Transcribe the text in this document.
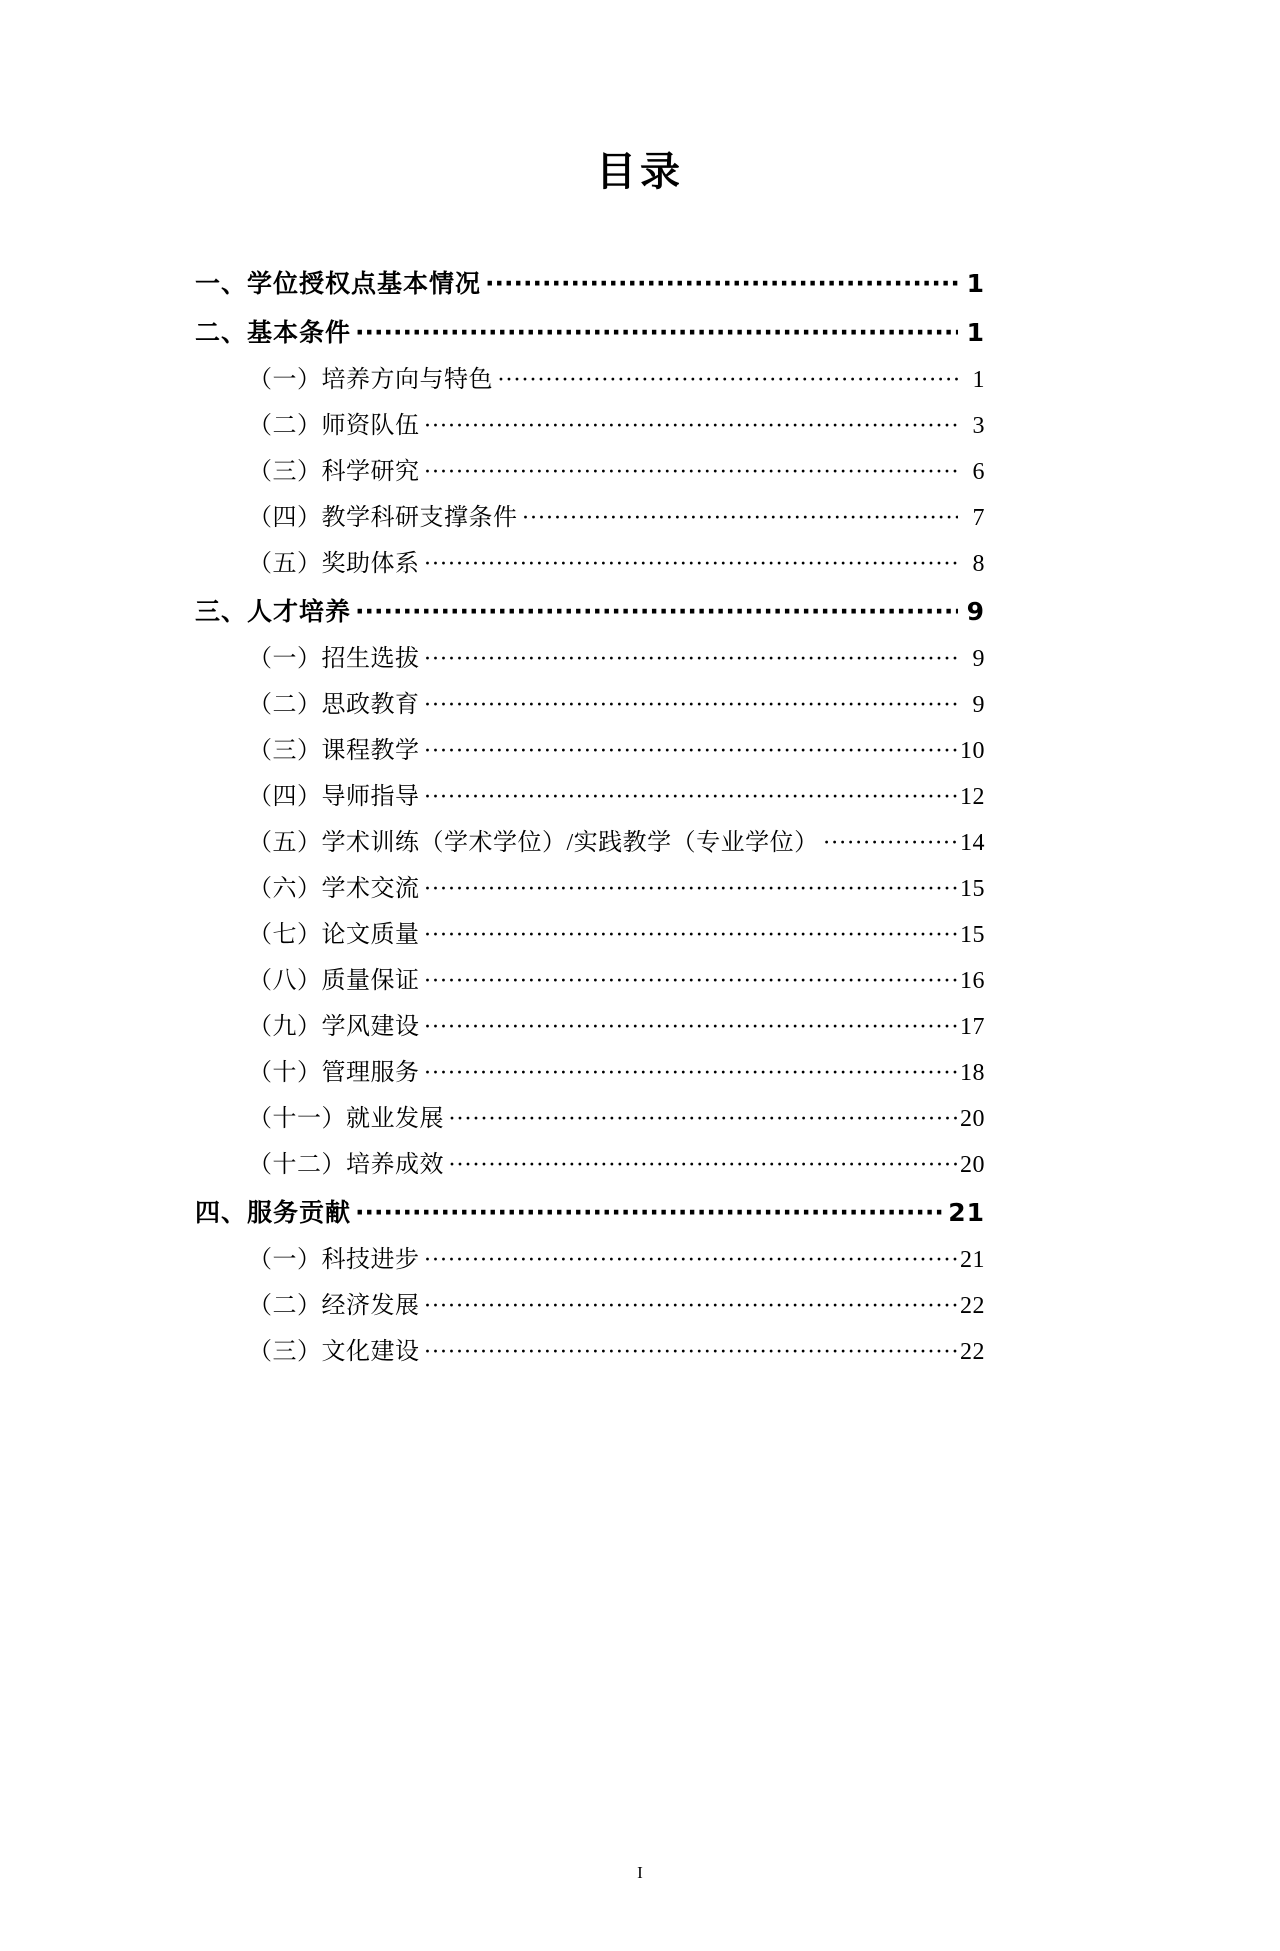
目录
一、学位授权点基本情况 ·····	1
二、基本条件 ·····	1
（一）培养方向与特色 ·····	1
（二）师资队伍 ·····	3
（三）科学研究 ·····	6
（四）教学科研支撑条件 ·····	7
（五）奖助体系 ·····	8
三、人才培养 ·····	9
（一）招生选拔 ·····	9
（二）思政教育 ·····	9
（三）课程教学 ·····	10
（四）导师指导 ·····	12
（五）学术训练（学术学位）/实践教学（专业学位） ·····	14
（六）学术交流 ·····	15
（七）论文质量 ·····	15
（八）质量保证 ·····	16
（九）学风建设 ·····	17
（十）管理服务 ·····	18
（十一）就业发展 ·····	20
（十二）培养成效 ·····	20
四、服务贡献 ·····	21
（一）科技进步 ·····	21
（二）经济发展 ·····	22
（三）文化建设 ·····	22
I
